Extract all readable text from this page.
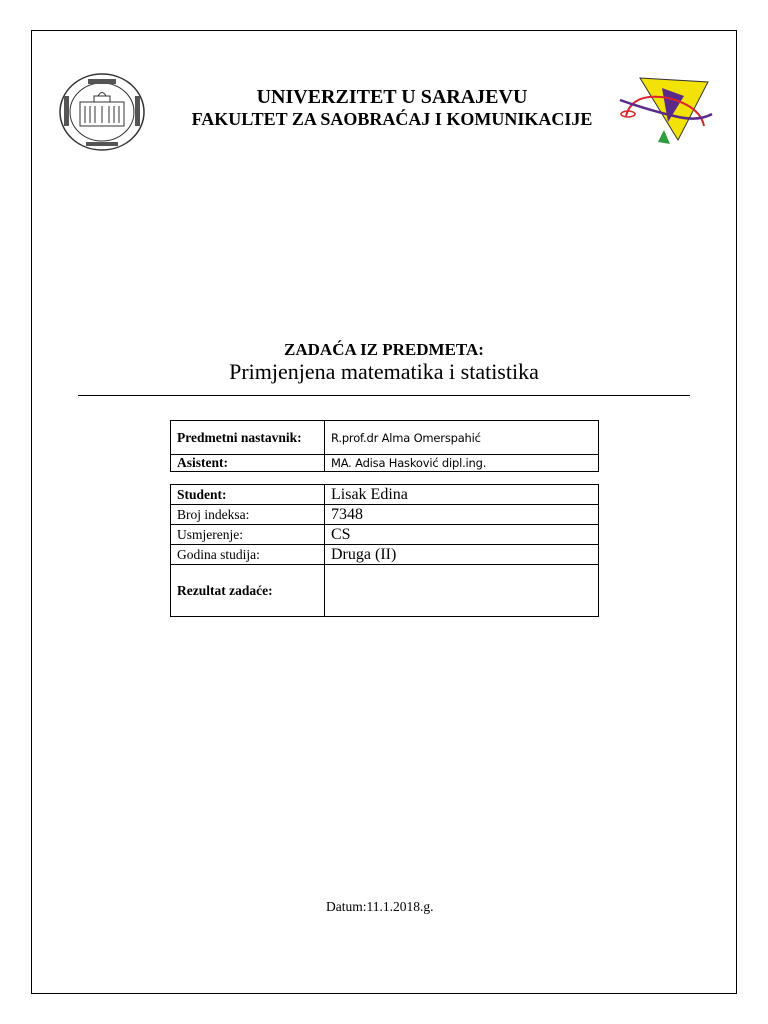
UNIVERZITET U SARAJEVU
FAKULTET ZA SAOBRAĆAJ I KOMUNIKACIJE
ZADAĆA IZ PREDMETA:
Primjenjena matematika i statistika
Predmetni nastavnik:	R.prof.dr Alma Omerspahić
Asistent:	MA. Adisa Hasković dipl.ing.
Student:	Lisak Edina
Broj indeksa:	7348
Usmjerenje:	CS
Godina studija:	Druga (II)
Rezultat zadaće:	
Datum:11.1.2018.g.
